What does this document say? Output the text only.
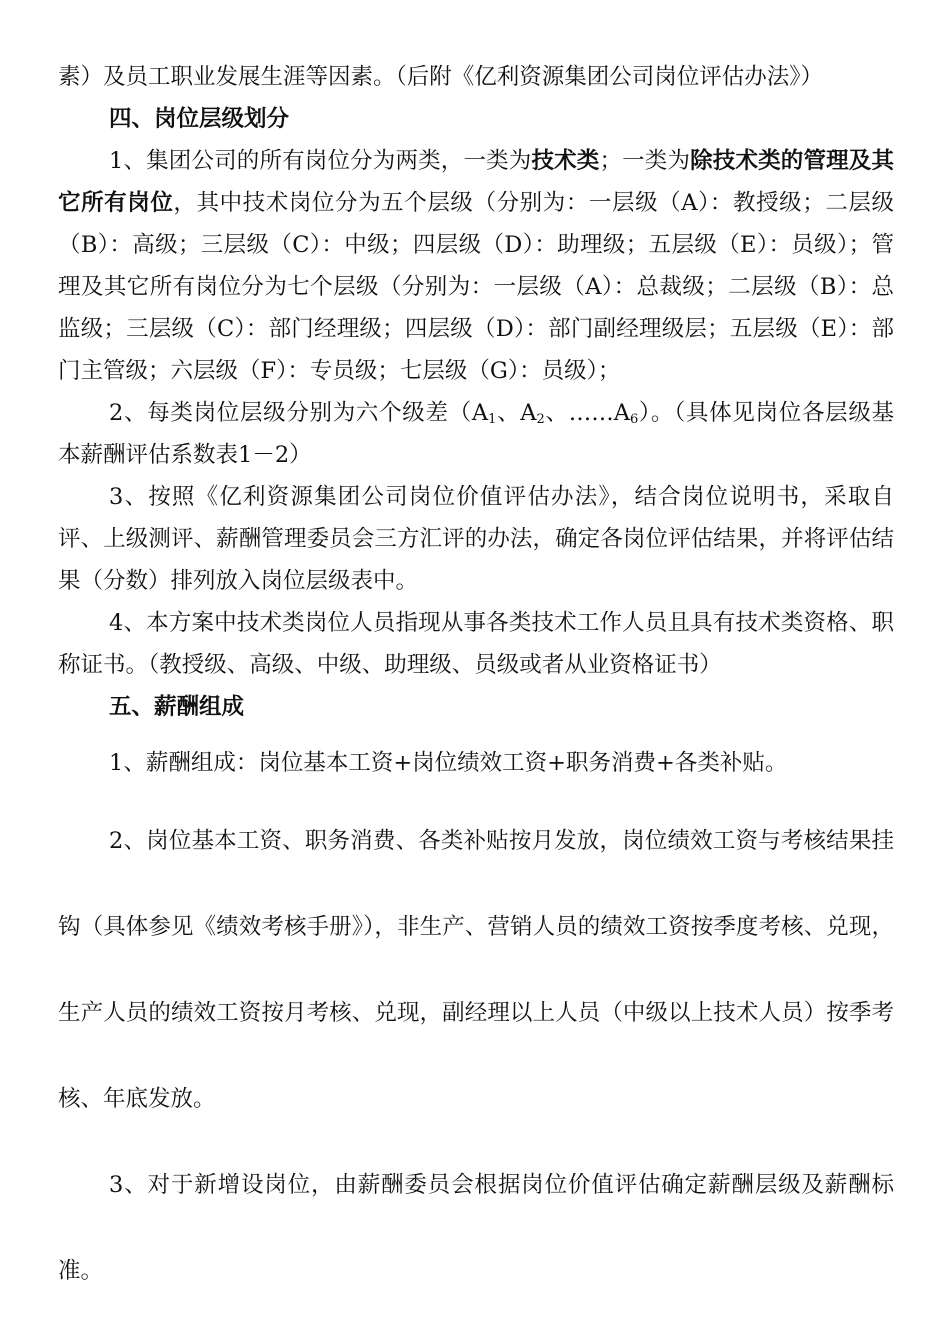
素）及员工职业发展生涯等因素。（后附《亿利资源集团公司岗位评估办法》）

四、岗位层级划分

1、集团公司的所有岗位分为两类，一类为技术类；一类为除技术类的管理及其它所有岗位，其中技术岗位分为五个层级（分别为：一层级（A）：教授级；二层级（B）：高级；三层级（C）：中级；四层级（D）：助理级；五层级（E）：员级）；管理及其它所有岗位分为七个层级（分别为：一层级（A）：总裁级；二层级（B）：总监级；三层级（C）：部门经理级；四层级（D）：部门副经理级层；五层级（E）：部门主管级；六层级（F）：专员级；七层级（G）：员级）；

2、每类岗位层级分别为六个级差（$A_1$、$A_2$、$\dots\dots A_6$）。（具体见岗位各层级基本薪酬评估系数表1－2）

3、按照《亿利资源集团公司岗位价值评估办法》，结合岗位说明书，采取自评、上级测评、薪酬管理委员会三方汇评的办法，确定各岗位评估结果，并将评估结果（分数）排列放入岗位层级表中。

4、本方案中技术类岗位人员指现从事各类技术工作人员且具有技术类资格、职称证书。（教授级、高级、中级、助理级、员级或者从业资格证书）

五、薪酬组成

1、薪酬组成：岗位基本工资+岗位绩效工资+职务消费+各类补贴。

2、岗位基本工资、职务消费、各类补贴按月发放，岗位绩效工资与考核结果挂钩（具体参见《绩效考核手册》），非生产、营销人员的绩效工资按季度考核、兑现，生产人员的绩效工资按月考核、兑现，副经理以上人员（中级以上技术人员）按季考核、年底发放。

3、对于新增设岗位，由薪酬委员会根据岗位价值评估确定薪酬层级及薪酬标准。
